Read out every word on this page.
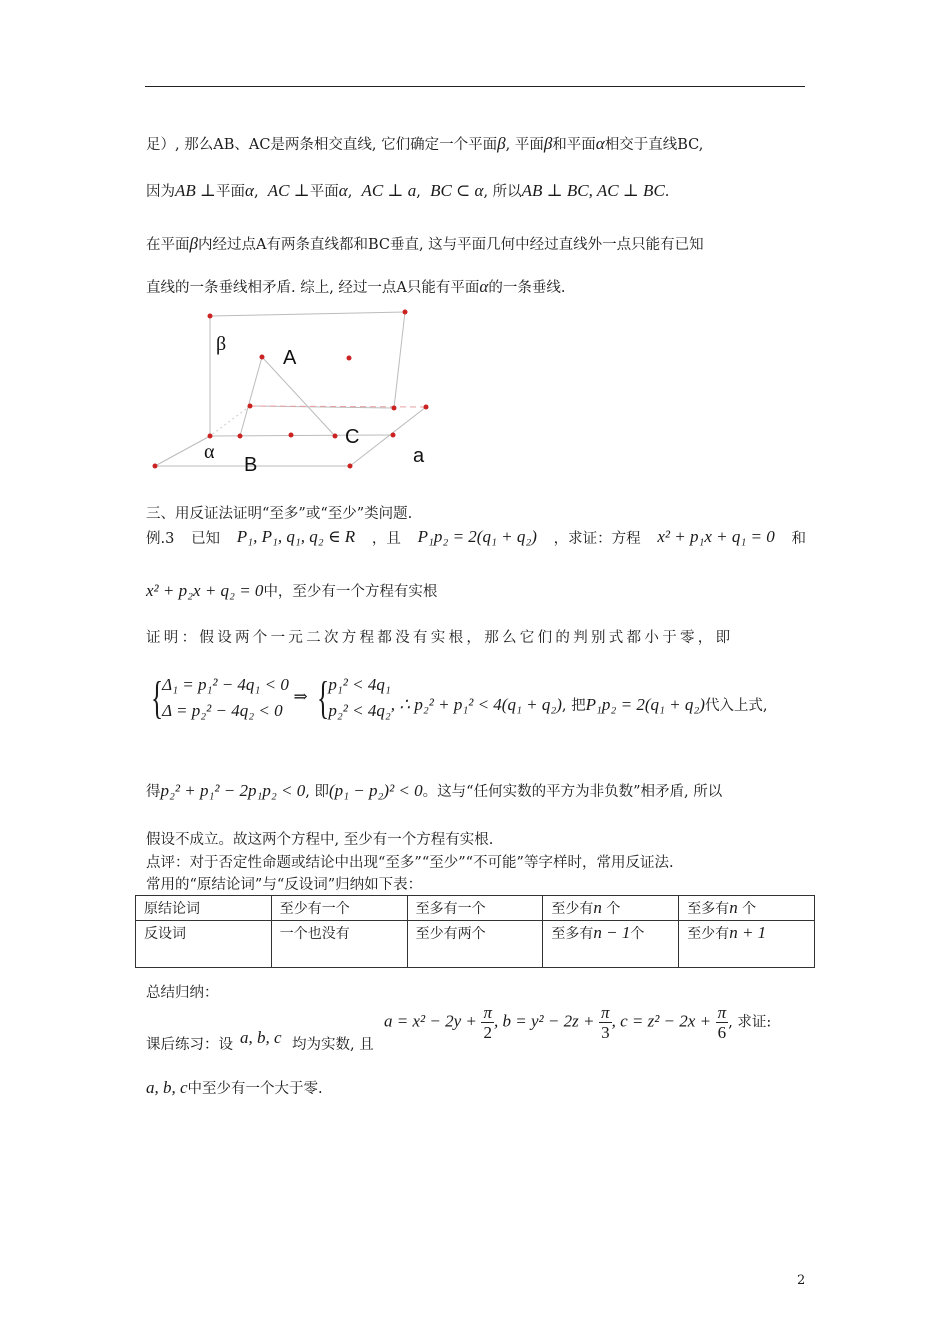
足）, 那么AB、AC是两条相交直线, 它们确定一个平面β, 平面β和平面α相交于直线BC,
因为AB ⊥平面α, AC ⊥平面α, AC ⊥ a, BC ⊂ α, 所以AB ⊥ BC, AC ⊥ BC.
在平面β内经过点A有两条直线都和BC垂直, 这与平面几何中经过直线外一点只能有已知
直线的一条垂线相矛盾. 综上, 经过一点A只能有平面α的一条垂线.
β
A
C
α
B	a
三、用反证法证明“至多”或“至少”类问题.
例.3 已知 P₁, P₁, q₁, q₂ ∈ R ，且 P₁p₂ = 2(q₁ + q₂) ，求证：方程 x² + p₁x + q₁ = 0 和
x² + p₂x + q₂ = 0中，至少有一个方程有实根
证明：假设两个一元二次方程都没有实根，那么它们的判别式都小于零，即
{
Δ₁ = p₁² − 4q₁ < 0
Δ = p₂² − 4q₂ < 0
⇒ {
p₁² < 4q₁
p₂² < 4q₂ , ∴ p₂² + p₁² < 4(q₁ + q₂), 把P₁p₂ = 2(q₁ + q₂)代入上式,
得p₂² + p₁² − 2p₁p₂ < 0, 即(p₁ − p₂)² < 0。这与“任何实数的平方为非负数”相矛盾, 所以
假设不成立。故这两个方程中, 至少有一个方程有实根.
点评：对于否定性命题或结论中出现“至多”“至少”“不可能”等字样时，常用反证法.
常用的“原结论词”与“反设词”归纳如下表：
原结论词	至少有一个	至多有一个	至少有n 个	至多有n 个
反设词	一个也没有	至少有两个	至多有n − 1个	至少有n + 1
总结归纳：
课后练习：设 a, b, c 均为实数, 且
$a = x^2 - 2y + \frac{\pi}{2}$ , $b = y^2 - 2z + \frac{\pi}{3}$ , $c = z^2 - 2x + \frac{\pi}{6}$ , 求证:
a, b, c中至少有一个大于零.
2
